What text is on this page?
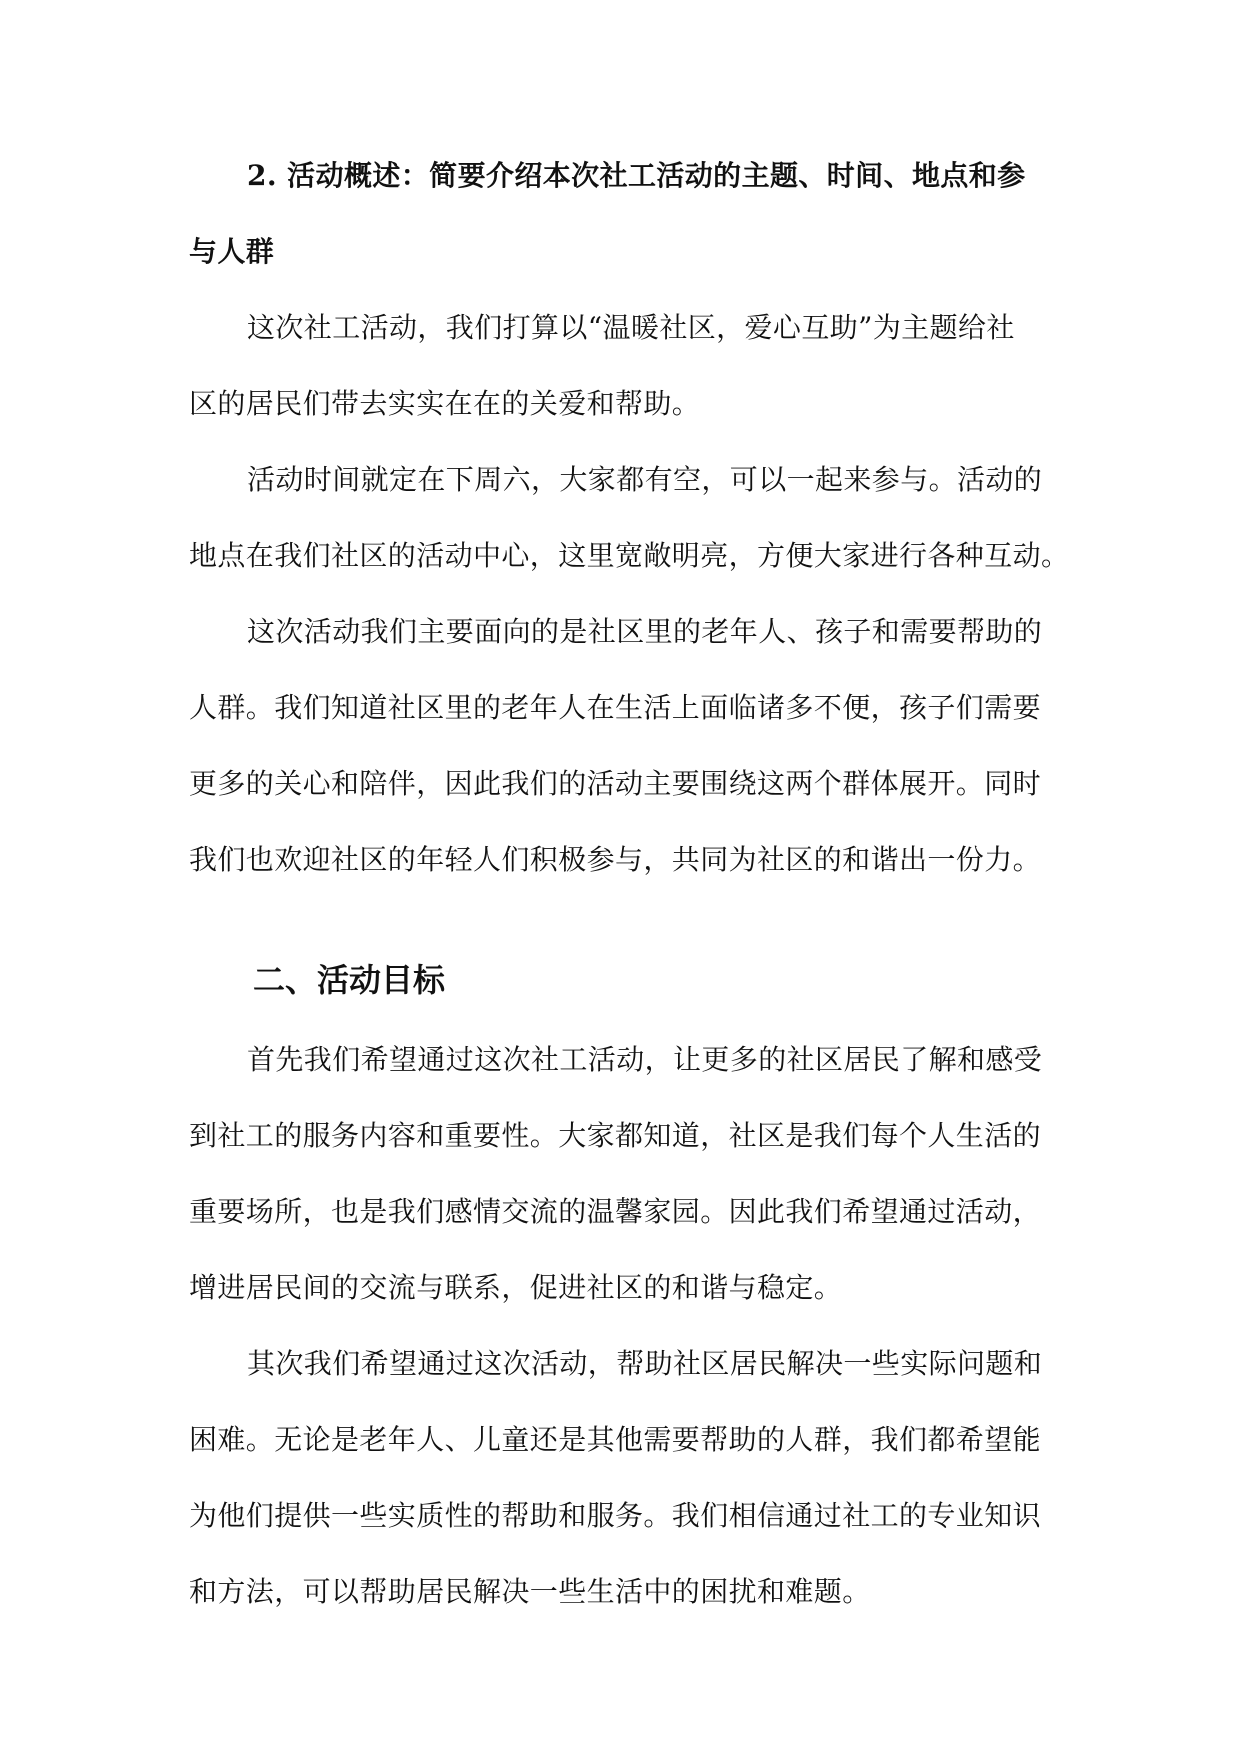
2. 活动概述：简要介绍本次社工活动的主题、时间、地点和参
与人群
这次社工活动，我们打算以“温暖社区，爱心互助”为主题给社
区的居民们带去实实在在的关爱和帮助。
活动时间就定在下周六，大家都有空，可以一起来参与。活动的
地点在我们社区的活动中心，这里宽敞明亮，方便大家进行各种互动。
这次活动我们主要面向的是社区里的老年人、孩子和需要帮助的
人群。我们知道社区里的老年人在生活上面临诸多不便，孩子们需要
更多的关心和陪伴，因此我们的活动主要围绕这两个群体展开。同时
我们也欢迎社区的年轻人们积极参与，共同为社区的和谐出一份力。
二、活动目标
首先我们希望通过这次社工活动，让更多的社区居民了解和感受
到社工的服务内容和重要性。大家都知道，社区是我们每个人生活的
重要场所，也是我们感情交流的温馨家园。因此我们希望通过活动，
增进居民间的交流与联系，促进社区的和谐与稳定。
其次我们希望通过这次活动，帮助社区居民解决一些实际问题和
困难。无论是老年人、儿童还是其他需要帮助的人群，我们都希望能
为他们提供一些实质性的帮助和服务。我们相信通过社工的专业知识
和方法，可以帮助居民解决一些生活中的困扰和难题。
